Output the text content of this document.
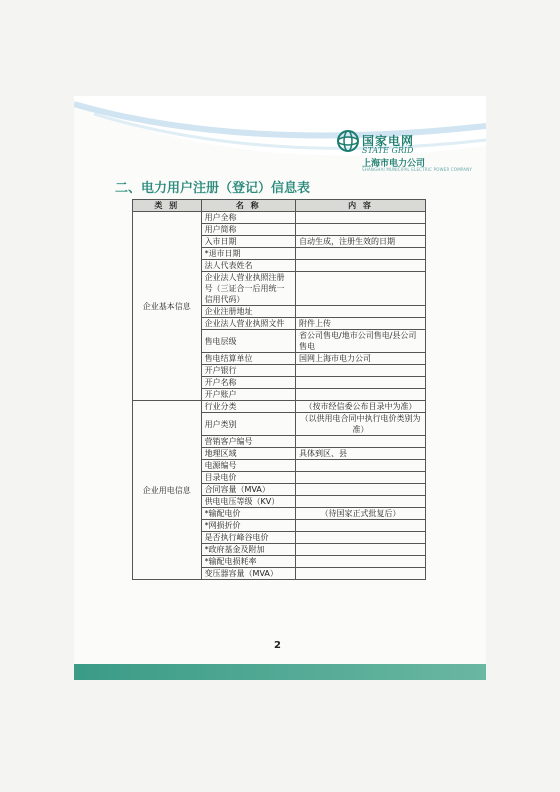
国家电网
STATE GRID
上海市电力公司
SHANGHAI MUNICIPAL ELECTRIC POWER COMPANY
二、电力用户注册（登记）信息表
类 别	名 称	内 容
企业基本信息	用户全称	
	用户简称	
	入市日期	自动生成，注册生效的日期
	*退市日期	
	法人代表姓名	
	企业法人营业执照注册号（三证合一后用统一信用代码）	
	企业注册地址	
	企业法人营业执照文件	附件上传
	售电层级	省公司售电/地市公司售电/县公司售电
	售电结算单位	国网上海市电力公司
	开户银行	
	开户名称	
	开户账户	
企业用电信息	行业分类	（按市经信委公布目录中为准）
	用户类别	（以供用电合同中执行电价类别为准）
	营销客户编号	
	地理区域	具体到区、县
	电源编号	
	目录电价	
	合同容量（MVA）	
	供电电压等级（KV）	
	*输配电价	（待国家正式批复后）
	*网损折价	
	是否执行峰谷电价	
	*政府基金及附加	
	*输配电损耗率	
	变压器容量（MVA）	
2
